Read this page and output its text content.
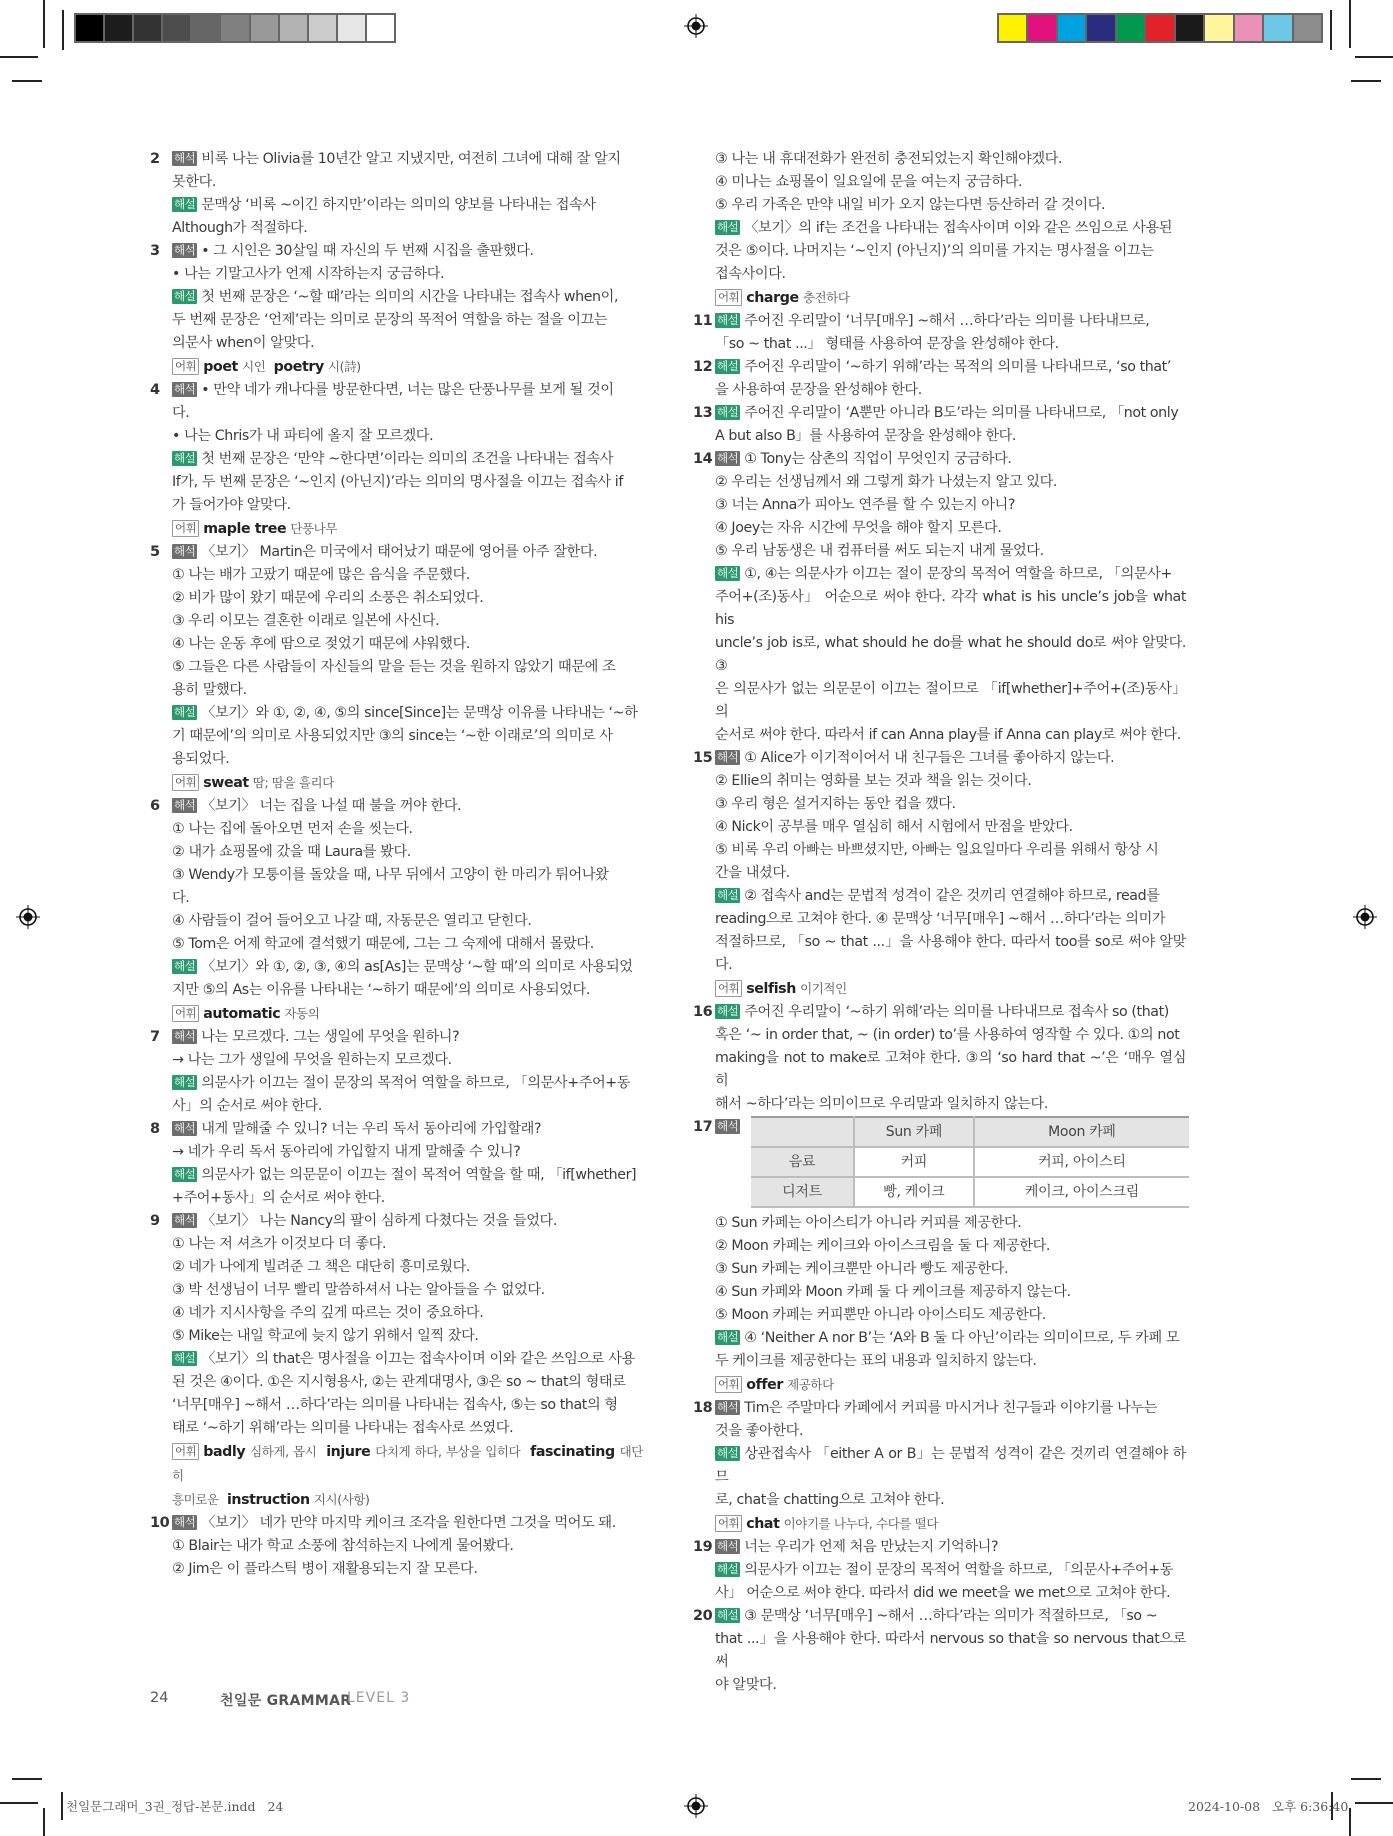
2 해석 비록 나는 Olivia를 10년간 알고 지냈지만, 여전히 그녀에 대해 잘 알지
못한다.
해설 문맥상 ‘비록 ~이긴 하지만’이라는 의미의 양보를 나타내는 접속사
Although가 적절하다.
3 해석 • 그 시인은 30살일 때 자신의 두 번째 시집을 출판했다.
• 나는 기말고사가 언제 시작하는지 궁금하다.
해설 첫 번째 문장은 ‘~할 때’라는 의미의 시간을 나타내는 접속사 when이,
두 번째 문장은 ‘언제’라는 의미로 문장의 목적어 역할을 하는 절을 이끄는
의문사 when이 알맞다.
어휘 poet 시인 poetry 시(詩)
4 해석 • 만약 네가 캐나다를 방문한다면, 너는 많은 단풍나무를 보게 될 것이
다.
• 나는 Chris가 내 파티에 올지 잘 모르겠다.
해설 첫 번째 문장은 ‘만약 ~한다면’이라는 의미의 조건을 나타내는 접속사
If가, 두 번째 문장은 ‘~인지 (아닌지)’라는 의미의 명사절을 이끄는 접속사 if
가 들어가야 알맞다.
어휘 maple tree 단풍나무
5 해석 〈보기〉 Martin은 미국에서 태어났기 때문에 영어를 아주 잘한다.
① 나는 배가 고팠기 때문에 많은 음식을 주문했다.
② 비가 많이 왔기 때문에 우리의 소풍은 취소되었다.
③ 우리 이모는 결혼한 이래로 일본에 사신다.
④ 나는 운동 후에 땀으로 젖었기 때문에 샤워했다.
⑤ 그들은 다른 사람들이 자신들의 말을 듣는 것을 원하지 않았기 때문에 조
용히 말했다.
해설 〈보기〉와 ①, ②, ④, ⑤의 since[Since]는 문맥상 이유를 나타내는 ‘~하
기 때문에’의 의미로 사용되었지만 ③의 since는 ‘~한 이래로’의 의미로 사
용되었다.
어휘 sweat 땀; 땀을 흘리다
6 해석 〈보기〉 너는 집을 나설 때 불을 꺼야 한다.
① 나는 집에 돌아오면 먼저 손을 씻는다.
② 내가 쇼핑몰에 갔을 때 Laura를 봤다.
③ Wendy가 모퉁이를 돌았을 때, 나무 뒤에서 고양이 한 마리가 튀어나왔
다.
④ 사람들이 걸어 들어오고 나갈 때, 자동문은 열리고 닫힌다.
⑤ Tom은 어제 학교에 결석했기 때문에, 그는 그 숙제에 대해서 몰랐다.
해설 〈보기〉와 ①, ②, ③, ④의 as[As]는 문맥상 ‘~할 때’의 의미로 사용되었
지만 ⑤의 As는 이유를 나타내는 ‘~하기 때문에’의 의미로 사용되었다.
어휘 automatic 자동의
7 해석 나는 모르겠다. 그는 생일에 무엇을 원하니?
→ 나는 그가 생일에 무엇을 원하는지 모르겠다.
해설 의문사가 이끄는 절이 문장의 목적어 역할을 하므로, 「의문사+주어+동
사」의 순서로 써야 한다.
8 해석 내게 말해줄 수 있니? 너는 우리 독서 동아리에 가입할래?
→ 네가 우리 독서 동아리에 가입할지 내게 말해줄 수 있니?
해설 의문사가 없는 의문문이 이끄는 절이 목적어 역할을 할 때, 「if[whether]
+주어+동사」의 순서로 써야 한다.
9 해석 〈보기〉 나는 Nancy의 팔이 심하게 다쳤다는 것을 들었다.
① 나는 저 셔츠가 이것보다 더 좋다.
② 네가 나에게 빌려준 그 책은 대단히 흥미로웠다.
③ 박 선생님이 너무 빨리 말씀하셔서 나는 알아들을 수 없었다.
④ 네가 지시사항을 주의 깊게 따르는 것이 중요하다.
⑤ Mike는 내일 학교에 늦지 않기 위해서 일찍 잤다.
해설 〈보기〉의 that은 명사절을 이끄는 접속사이며 이와 같은 쓰임으로 사용
된 것은 ④이다. ①은 지시형용사, ②는 관계대명사, ③은 so ~ that의 형태로
‘너무[매우] ~해서 …하다’라는 의미를 나타내는 접속사, ⑤는 so that의 형
태로 ‘~하기 위해’라는 의미를 나타내는 접속사로 쓰였다.
어휘 badly 심하게, 몹시 injure 다치게 하다, 부상을 입히다 fascinating 대단히
흥미로운 instruction 지시(사항)
10 해석 〈보기〉 네가 만약 마지막 케이크 조각을 원한다면 그것을 먹어도 돼.
① Blair는 내가 학교 소풍에 참석하는지 나에게 물어봤다.
② Jim은 이 플라스틱 병이 재활용되는지 잘 모른다.
③ 나는 내 휴대전화가 완전히 충전되었는지 확인해야겠다.
④ 미나는 쇼핑몰이 일요일에 문을 여는지 궁금하다.
⑤ 우리 가족은 만약 내일 비가 오지 않는다면 등산하러 갈 것이다.
해설 〈보기〉의 if는 조건을 나타내는 접속사이며 이와 같은 쓰임으로 사용된
것은 ⑤이다. 나머지는 ‘~인지 (아닌지)’의 의미를 가지는 명사절을 이끄는
접속사이다.
어휘 charge 충전하다
11 해설 주어진 우리말이 ‘너무[매우] ~해서 …하다’라는 의미를 나타내므로,
「so ~ that ...」 형태를 사용하여 문장을 완성해야 한다.
12 해설 주어진 우리말이 ‘~하기 위해’라는 목적의 의미를 나타내므로, ‘so that’
을 사용하여 문장을 완성해야 한다.
13 해설 주어진 우리말이 ‘A뿐만 아니라 B도’라는 의미를 나타내므로, 「not only
A but also B」를 사용하여 문장을 완성해야 한다.
14 해석 ① Tony는 삼촌의 직업이 무엇인지 궁금하다.
② 우리는 선생님께서 왜 그렇게 화가 나셨는지 알고 있다.
③ 너는 Anna가 피아노 연주를 할 수 있는지 아니?
④ Joey는 자유 시간에 무엇을 해야 할지 모른다.
⑤ 우리 남동생은 내 컴퓨터를 써도 되는지 내게 물었다.
해설 ①, ④는 의문사가 이끄는 절이 문장의 목적어 역할을 하므로, 「의문사+
주어+(조)동사」 어순으로 써야 한다. 각각 what is his uncle’s job을 what his
uncle’s job is로, what should he do를 what he should do로 써야 알맞다. ③
은 의문사가 없는 의문문이 이끄는 절이므로 「if[whether]+주어+(조)동사」의
순서로 써야 한다. 따라서 if can Anna play를 if Anna can play로 써야 한다.
15 해석 ① Alice가 이기적이어서 내 친구들은 그녀를 좋아하지 않는다.
② Ellie의 취미는 영화를 보는 것과 책을 읽는 것이다.
③ 우리 형은 설거지하는 동안 컵을 깼다.
④ Nick이 공부를 매우 열심히 해서 시험에서 만점을 받았다.
⑤ 비록 우리 아빠는 바쁘셨지만, 아빠는 일요일마다 우리를 위해서 항상 시
간을 내셨다.
해설 ② 접속사 and는 문법적 성격이 같은 것끼리 연결해야 하므로, read를
reading으로 고쳐야 한다. ④ 문맥상 ‘너무[매우] ~해서 …하다’라는 의미가
적절하므로, 「so ~ that ...」을 사용해야 한다. 따라서 too를 so로 써야 알맞다.
어휘 selfish 이기적인
16 해설 주어진 우리말이 ‘~하기 위해’라는 의미를 나타내므로 접속사 so (that)
혹은 ‘~ in order that, ~ (in order) to’를 사용하여 영작할 수 있다. ①의 not
making을 not to make로 고쳐야 한다. ③의 ‘so hard that ~’은 ‘매우 열심히
해서 ~하다’라는 의미이므로 우리말과 일치하지 않는다.
17 해석
		Sun 카페	Moon 카페
음료	커피	커피, 아이스티
디저트	빵, 케이크	케이크, 아이스크림
① Sun 카페는 아이스티가 아니라 커피를 제공한다.
② Moon 카페는 케이크와 아이스크림을 둘 다 제공한다.
③ Sun 카페는 케이크뿐만 아니라 빵도 제공한다.
④ Sun 카페와 Moon 카페 둘 다 케이크를 제공하지 않는다.
⑤ Moon 카페는 커피뿐만 아니라 아이스티도 제공한다.
해설 ④ ‘Neither A nor B’는 ‘A와 B 둘 다 아닌’이라는 의미이므로, 두 카페 모
두 케이크를 제공한다는 표의 내용과 일치하지 않는다.
어휘 offer 제공하다
18 해석 Tim은 주말마다 카페에서 커피를 마시거나 친구들과 이야기를 나누는
것을 좋아한다.
해설 상관접속사 「either A or B」는 문법적 성격이 같은 것끼리 연결해야 하므
로, chat을 chatting으로 고쳐야 한다.
어휘 chat 이야기를 나누다, 수다를 떨다
19 해석 너는 우리가 언제 처음 만났는지 기억하니?
해설 의문사가 이끄는 절이 문장의 목적어 역할을 하므로, 「의문사+주어+동
사」 어순으로 써야 한다. 따라서 did we meet을 we met으로 고쳐야 한다.
20 해설 ③ 문맥상 ‘너무[매우] ~해서 …하다’라는 의미가 적절하므로, 「so ~
that ...」을 사용해야 한다. 따라서 nervous so that을 so nervous that으로 써
야 알맞다.
24	천일문 GRAMMAR
LEVEL 3
천일문그래머_3권_정답-본문.indd   24	2024-10-08   오후 6:36:40
